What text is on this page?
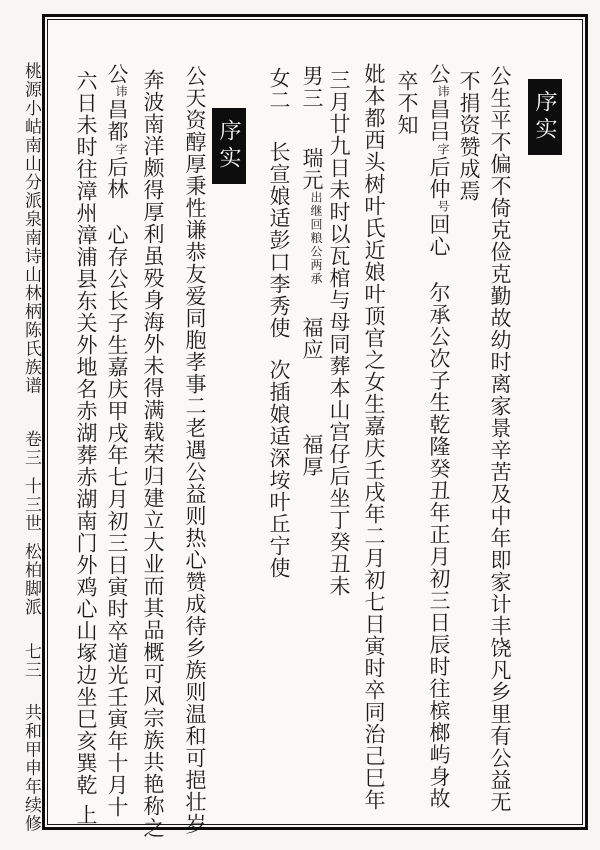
桃源小岵南山分派泉南诗山林柄陈氏族谱卷三十三世松柏脚派七三共和甲申年续修
序实
序实	公生平不偏不倚克俭克勤故幼时离家景辛苦及中年即家计丰饶凡乡里有公益无
不捐资赞成焉
公讳昌吕字后仲号回心尔承公次子生乾隆癸丑年正月初三日辰时往槟榔屿身故
卒不知
妣本都西头树叶氏近娘叶顶官之女生嘉庆壬戌年二月初七日寅时卒同治己巳年
三月廿九日未时以瓦棺与母同葬本山宫仔后坐丁癸丑未
男三瑞元出继回粮公两承福应福厚
女二长宣娘适彭口李秀使次插娘适深垵叶丘宁使
公天资醇厚秉性谦恭友爱同胞孝事二老遇公益则热心赞成待乡族则温和可挹壮岁
奔波南洋颇得厚利虽殁身海外未得满载荣归建立大业而其品概可风宗族共艳称之
公讳昌都字后林心存公长子生嘉庆甲戌年七月初三日寅时卒道光壬寅年十月十
六日未时往漳州漳浦县东关外地名赤湖葬赤湖南门外鸡心山塚边坐巳亥巽乾上
